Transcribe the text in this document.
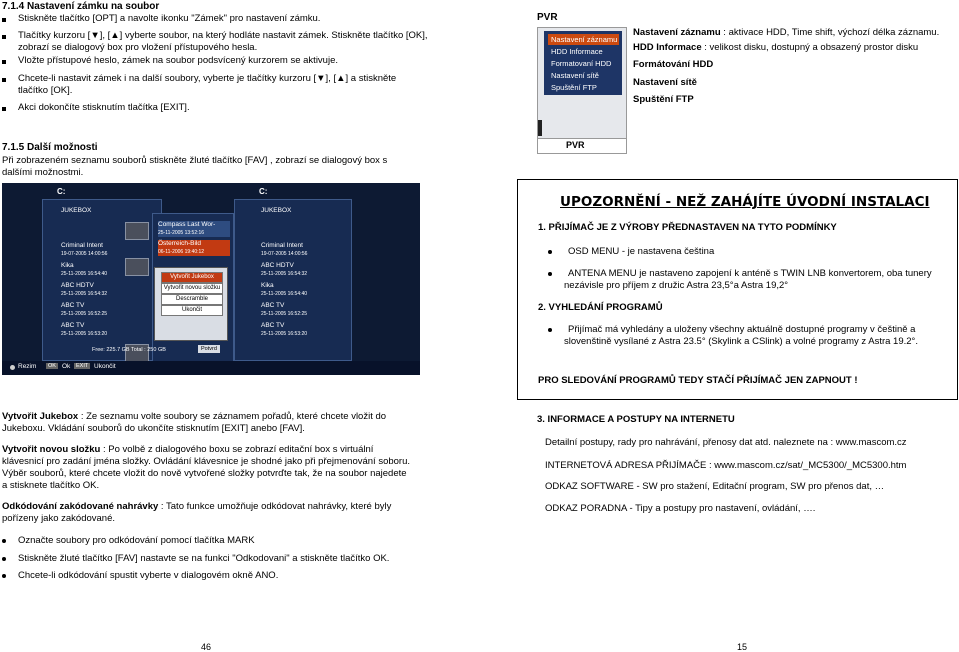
7.1.4 Nastavení zámku na soubor
Stiskněte tlačítko [OPT] a navolte ikonku "Zámek" pro nastavení zámku.
Tlačítky kurzoru [▼], [▲] vyberte soubor, na který hodláte nastavit zámek. Stiskněte tlačítko [OK], zobrazí se dialogový box pro vložení přístupového hesla.
Vložte přístupové heslo, zámek na soubor podsvícený kurzorem se aktivuje.
Chcete-li nastavit zámek i na další soubory, vyberte je tlačítky kurzoru [▼], [▲] a stiskněte tlačítko [OK].
Akci dokončíte stisknutím tlačítka [EXIT].
7.1.5 Další možnosti
Při zobrazeném seznamu souborů stiskněte žluté tlačítko [FAV] , zobrazí se dialogový box s dalšími možnostmi.
C:
JUKEBOX
Criminal Intent
19-07-2005 14:00:56
Kika
25-11-2005 16:54:40
ABC HDTV
25-11-2005 16:54:32
ABC TV
25-11-2005 16:52:25
ABC TV
25-11-2005 16:53:20
Compass Last Wor-
25-11-2005 13:52:16
Österreich-Bild
06-11-2006 19:40:12

C:
JUKEBOX
Criminal Intent
19-07-2005 14:00:56
ABC HDTV
25-11-2005 16:54:32
Kika
25-11-2005 16:54:40
ABC TV
25-11-2005 16:52:25
ABC TV
25-11-2005 16:53:20
Vytvořit Jukebox
Vytvořit novou složku
Descramble
Ukončit
Free: 225.7 GB Total : 250 GB	Potvrd
Rezim	OK Ok	EXIT Ukončit
Vytvořit Jukebox : Ze seznamu volte soubory se záznamem pořadů, které chcete vložit do Jukeboxu. Vkládání souborů do ukončíte stisknutím [EXIT] anebo [FAV].
Vytvořit novou složku : Po volbě z dialogového boxu se zobrazí editační box s virtuální klávesnicí pro zadání jména složky. Ovládání klávesnice je shodné jako při přejmenování soboru. Výběr souborů, které chcete vložit do nově vytvořené složky potvrďte tak, že na soubor najedete a stisknete tlačítko OK.
Odkódování zakódované nahrávky : Tato funkce umožňuje odkódovat nahrávky, které byly pořízeny jako zakódované.
Označte soubory pro odkódování pomocí tlačítka MARK
Stiskněte žluté tlačítko [FAV] nastavte se na funkci "Odkodovani" a stiskněte tlačítko OK.
Chcete-li odkódování spustit vyberte v dialogovém okně ANO.
46
PVR
Nastavení záznamu
HDD Informace
Formatovaní HDD
Nastavení sítě
Spuštění FTP
PVR

Nastavení záznamu : aktivace HDD, Time shift, výchozí délka záznamu.

HDD Informace : velikost disku, dostupný a obsazený prostor disku

Formátování HDD

Nastavení sítě

Spuštění FTP

UPOZORNĚNÍ - NEŽ ZAHÁJÍTE ÚVODNÍ INSTALACI
1. PŘIJÍMAČ JE Z VÝROBY PŘEDNASTAVEN NA TYTO PODMÍNKY
OSD MENU - je nastavena čeština
ANTENA MENU je nastaveno zapojení k anténě s TWIN LNB konvertorem, oba tunery nezávisle pro příjem z družic Astra 23,5°a Astra 19,2°
2. VYHLEDÁNÍ PROGRAMŮ
Přijímač má vyhledány a uloženy všechny aktuálně dostupné programy v češtině a slovenštině vysílané z Astra 23.5° (Skylink a CSlink) a volné programy z Astra 19.2°.
PRO SLEDOVÁNÍ PROGRAMŮ TEDY STAČÍ PŘIJÍMAČ JEN ZAPNOUT !
3. INFORMACE A POSTUPY NA INTERNETU
Detailní postupy, rady pro nahrávání, přenosy dat atd. naleznete na : www.mascom.cz
INTERNETOVÁ ADRESA PŘIJÍMAČE : www.mascom.cz/sat/_MC5300/_MC5300.htm
ODKAZ SOFTWARE - SW pro stažení, Editační program, SW pro přenos dat, …
ODKAZ PORADNA - Tipy a postupy pro nastavení, ovládání, ….
15
